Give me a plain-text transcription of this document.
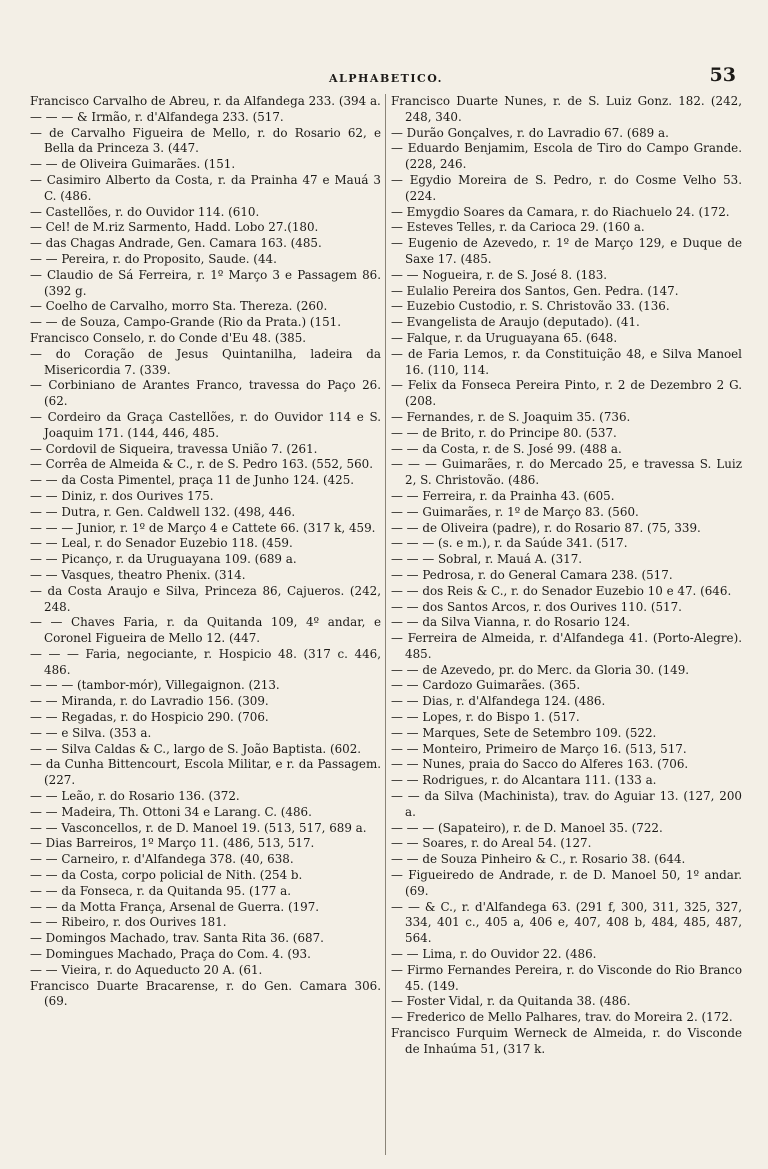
ALPHABETICO.	53

Francisco Carvalho de Abreu, r. da Alfandega 233. (394 a.

— — — & Irmão, r. d'Alfandega 233. (517.

— de Carvalho Figueira de Mello, r. do Rosario 62, e Bella da Princeza 3. (447.

— — de Oliveira Guimarães. (151.

— Casimiro Alberto da Costa, r. da Prainha 47 e Mauá 3 C. (486.

— Castellões, r. do Ouvidor 114. (610.

— Cel! de M.riz Sarmento, Hadd. Lobo 27.(180.

— das Chagas Andrade, Gen. Camara 163. (485.

— — Pereira, r. do Proposito, Saude. (44.

— Claudio de Sá Ferreira, r. 1º Março 3 e Passagem 86. (392 g.

— Coelho de Carvalho, morro Sta. Thereza. (260.

— — de Souza, Campo-Grande (Rio da Prata.) (151.

Francisco Conselo, r. do Conde d'Eu 48. (385.

— do Coração de Jesus Quintanilha, ladeira da Misericordia 7. (339.

— Corbiniano de Arantes Franco, travessa do Paço 26. (62.

— Cordeiro da Graça Castellões, r. do Ouvidor 114 e S. Joaquim 171. (144, 446, 485.

— Cordovil de Siqueira, travessa União 7. (261.

— Corrêa de Almeida & C., r. de S. Pedro 163. (552, 560.

— — da Costa Pimentel, praça 11 de Junho 124. (425.

— — Diniz, r. dos Ourives 175.

— — Dutra, r. Gen. Caldwell 132. (498, 446.

— — — Junior, r. 1º de Março 4 e Cattete 66. (317 k, 459.

— — Leal, r. do Senador Euzebio 118. (459.

— — Picanço, r. da Uruguayana 109. (689 a.

— — Vasques, theatro Phenix. (314.

— da Costa Araujo e Silva, Princeza 86, Cajueros. (242, 248.

— — Chaves Faria, r. da Quitanda 109, 4º andar, e Coronel Figueira de Mello 12. (447.

— — — Faria, negociante, r. Hospicio 48. (317 c. 446, 486.

— — — (tambor-mór), Villegaignon. (213.

— — Miranda, r. do Lavradio 156. (309.

— — Regadas, r. do Hospicio 290. (706.

— — e Silva. (353 a.

— — Silva Caldas & C., largo de S. João Baptista. (602.

— da Cunha Bittencourt, Escola Militar, e r. da Passagem. (227.

— — Leão, r. do Rosario 136. (372.

— — Madeira, Th. Ottoni 34 e Larang. C. (486.

— — Vasconcellos, r. de D. Manoel 19. (513, 517, 689 a.

— Dias Barreiros, 1º Março 11. (486, 513, 517.

— — Carneiro, r. d'Alfandega 378. (40, 638.

— — da Costa, corpo policial de Nith. (254 b.

— — da Fonseca, r. da Quitanda 95. (177 a.

— — da Motta França, Arsenal de Guerra. (197.

— — Ribeiro, r. dos Ourives 181.

— Domingos Machado, trav. Santa Rita 36. (687.

— Domingues Machado, Praça do Com. 4. (93.

— — Vieira, r. do Aqueducto 20 A. (61.

Francisco Duarte Bracarense, r. do Gen. Camara 306. (69.

Francisco Duarte Nunes, r. de S. Luiz Gonz. 182. (242, 248, 340.

— Durão Gonçalves, r. do Lavradio 67. (689 a.

— Eduardo Benjamim, Escola de Tiro do Campo Grande. (228, 246.

— Egydio Moreira de S. Pedro, r. do Cosme Velho 53. (224.

— Emygdio Soares da Camara, r. do Riachuelo 24. (172.

— Esteves Telles, r. da Carioca 29. (160 a.

— Eugenio de Azevedo, r. 1º de Março 129, e Duque de Saxe 17. (485.

— — Nogueira, r. de S. José 8. (183.

— Eulalio Pereira dos Santos, Gen. Pedra. (147.

— Euzebio Custodio, r. S. Christovão 33. (136.

— Evangelista de Araujo (deputado). (41.

— Falque, r. da Uruguayana 65. (648.

— de Faria Lemos, r. da Constituição 48, e Silva Manoel 16. (110, 114.

— Felix da Fonseca Pereira Pinto, r. 2 de Dezembro 2 G. (208.

— Fernandes, r. de S. Joaquim 35. (736.

— — de Brito, r. do Principe 80. (537.

— — da Costa, r. de S. José 99. (488 a.

— — — Guimarães, r. do Mercado 25, e travessa S. Luiz 2, S. Christovão. (486.

— — Ferreira, r. da Prainha 43. (605.

— — Guimarães, r. 1º de Março 83. (560.

— — de Oliveira (padre), r. do Rosario 87. (75, 339.

— — — (s. e m.), r. da Saúde 341. (517.

— — — Sobral, r. Mauá A. (317.

— — Pedrosa, r. do General Camara 238. (517.

— — dos Reis & C., r. do Senador Euzebio 10 e 47. (646.

— — dos Santos Arcos, r. dos Ourives 110. (517.

— — da Silva Vianna, r. do Rosario 124.

— Ferreira de Almeida, r. d'Alfandega 41. (Porto-Alegre). 485.

— — de Azevedo, pr. do Merc. da Gloria 30. (149.

— — Cardozo Guimarães. (365.

— — Dias, r. d'Alfandega 124. (486.

— — Lopes, r. do Bispo 1. (517.

— — Marques, Sete de Setembro 109. (522.

— — Monteiro, Primeiro de Março 16. (513, 517.

— — Nunes, praia do Sacco do Alferes 163. (706.

— — Rodrigues, r. do Alcantara 111. (133 a.

— — da Silva (Machinista), trav. do Aguiar 13. (127, 200 a.

— — — (Sapateiro), r. de D. Manoel 35. (722.

— — Soares, r. do Areal 54. (127.

— — de Souza Pinheiro & C., r. Rosario 38. (644.

— Figueiredo de Andrade, r. de D. Manoel 50, 1º andar. (69.

— — & C., r. d'Alfandega 63. (291 f, 300, 311, 325, 327, 334, 401 c., 405 a, 406 e, 407, 408 b, 484, 485, 487, 564.

— — Lima, r. do Ouvidor 22. (486.

— Firmo Fernandes Pereira, r. do Visconde do Rio Branco 45. (149.

— Foster Vidal, r. da Quitanda 38. (486.

— Frederico de Mello Palhares, trav. do Moreira 2. (172.

Francisco Furquim Werneck de Almeida, r. do Visconde de Inhaúma 51, (317 k.
